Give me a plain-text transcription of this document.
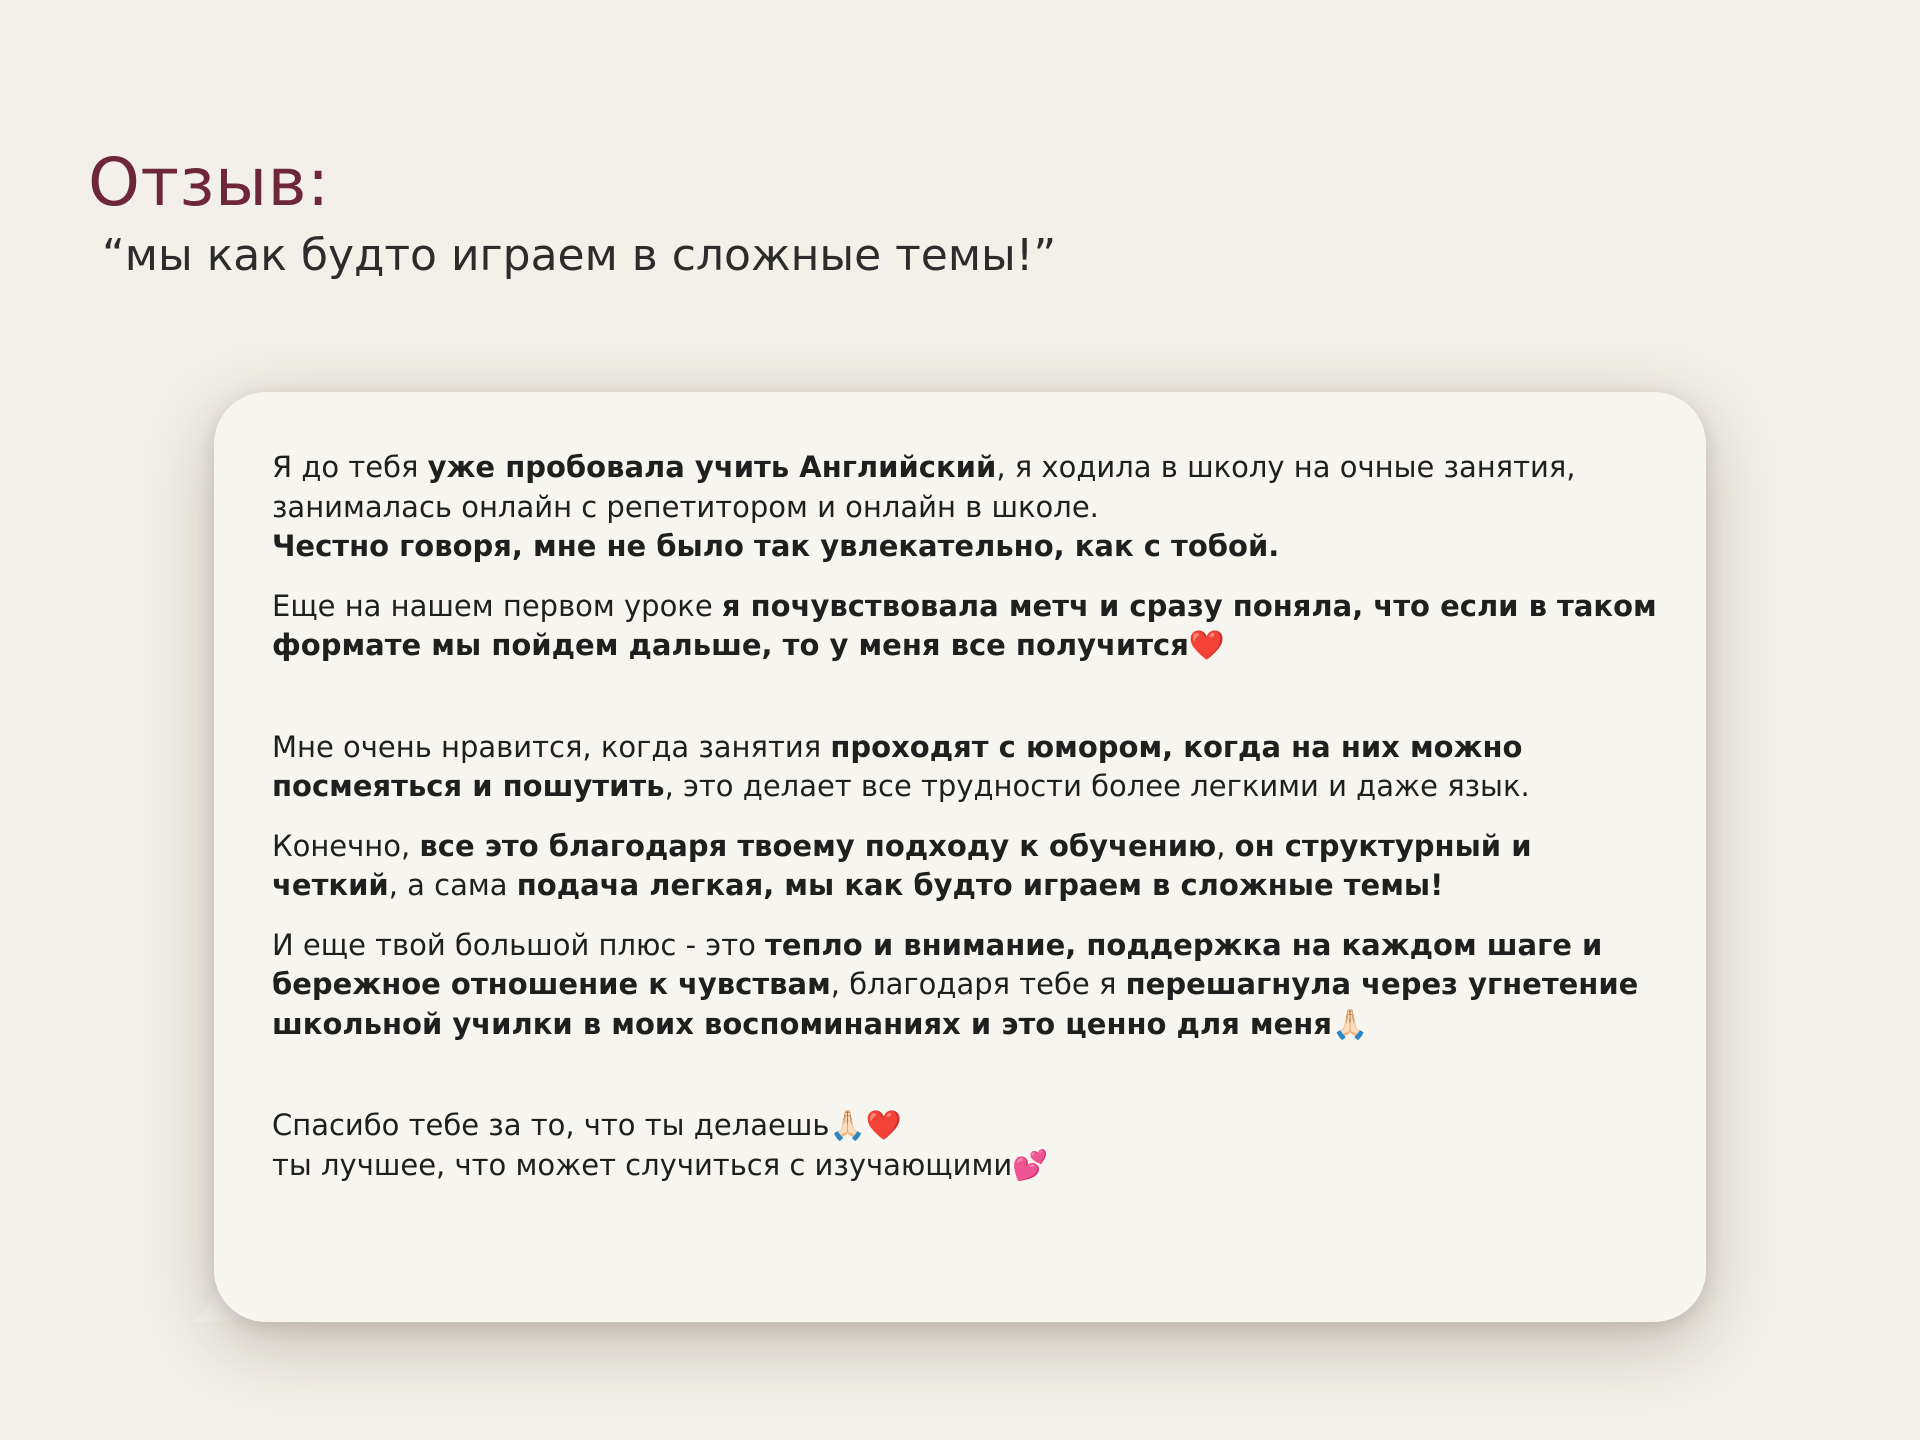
Отзыв:
“мы как будто играем в сложные темы!”

Я до тебя уже пробовала учить Английский, я ходила в школу на очные занятия, занималась онлайн с репетитором и онлайн в школе.
Честно говоря, мне не было так увлекательно, как с тобой.

Еще на нашем первом уроке я почувствовала метч и сразу поняла, что если в таком формате мы пойдем дальше, то у меня все получится❤️

Мне очень нравится, когда занятия проходят с юмором, когда на них можно посмеяться и пошутить, это делает все трудности более легкими и даже язык.

Конечно, все это благодаря твоему подходу к обучению, он структурный и четкий, а сама подача легкая, мы как будто играем в сложные темы!

И еще твой большой плюс - это тепло и внимание, поддержка на каждом шаге и бережное отношение к чувствам, благодаря тебе я перешагнула через угнетение школьной училки в моих воспоминаниях и это ценно для меня🙏🏻

Спасибо тебе за то, что ты делаешь🙏🏻❤️
ты лучшее, что может случиться с изучающими💕
